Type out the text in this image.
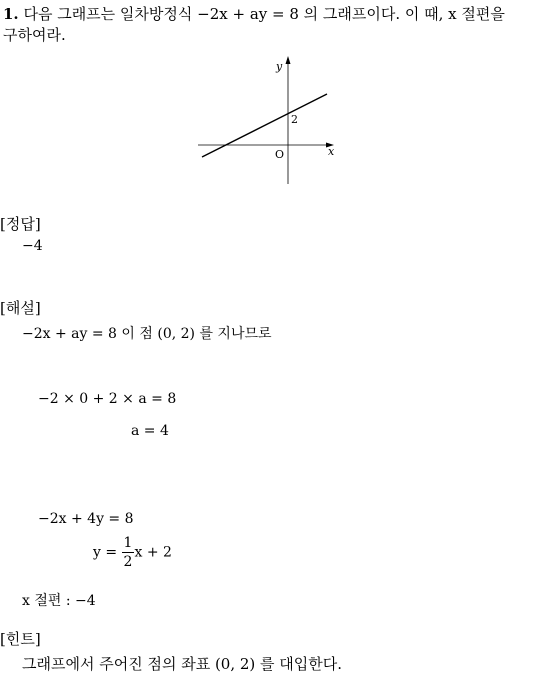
1. 다음 그래프는 일차방정식 −2x + ay = 8 의 그래프이다. 이 때, x 절편을
구하여라.
y
x
O
2
[정답]
−4
[해설]
−2x + ay = 8 이 점 (0, 2) 를 지나므로
−2 × 0 + 2 × a = 8
a = 4
−2x + 4y = 8
$y = \frac{1}{2}$ x + 2
x 절편 : −4
[힌트]
그래프에서 주어진 점의 좌표 (0, 2) 를 대입한다.
